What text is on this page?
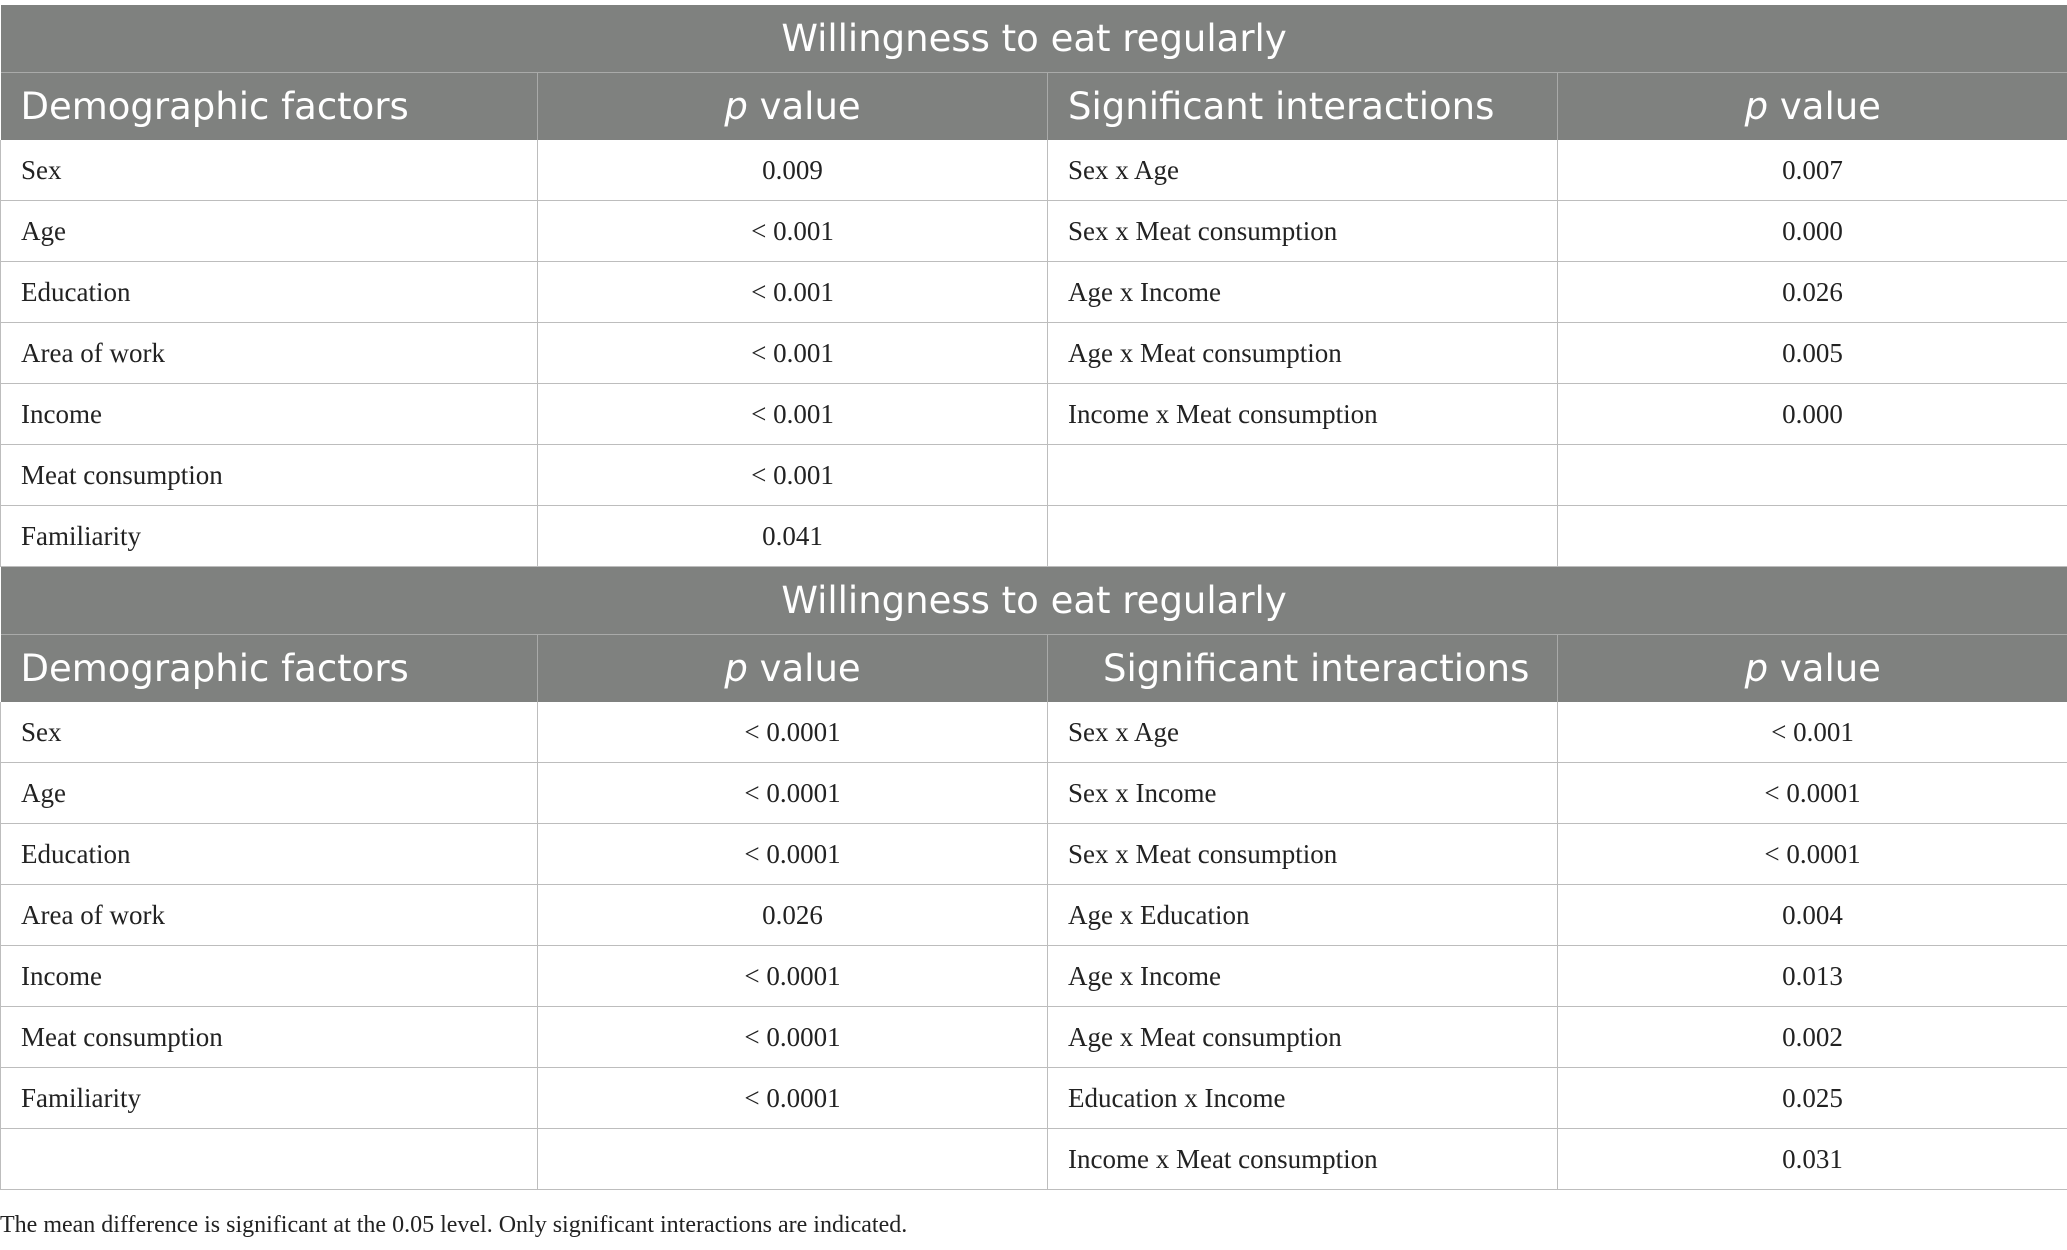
Willingness to eat regularly			
Demographic factors	p value	Significant interactions	p value
Sex	0.009	Sex x Age	0.007
Age	< 0.001	Sex x Meat consumption	0.000
Education	< 0.001	Age x Income	0.026
Area of work	< 0.001	Age x Meat consumption	0.005
Income	< 0.001	Income x Meat consumption	0.000
Meat consumption	< 0.001		
Familiarity	0.041		
Willingness to eat regularly			
Demographic factors	p value	Significant interactions	p value
Sex	< 0.0001	Sex x Age	< 0.001
Age	< 0.0001	Sex x Income	< 0.0001
Education	< 0.0001	Sex x Meat consumption	< 0.0001
Area of work	0.026	Age x Education	0.004
Income	< 0.0001	Age x Income	0.013
Meat consumption	< 0.0001	Age x Meat consumption	0.002
Familiarity	< 0.0001	Education x Income	0.025
		Income x Meat consumption	0.031
The mean difference is significant at the 0.05 level. Only significant interactions are indicated.
